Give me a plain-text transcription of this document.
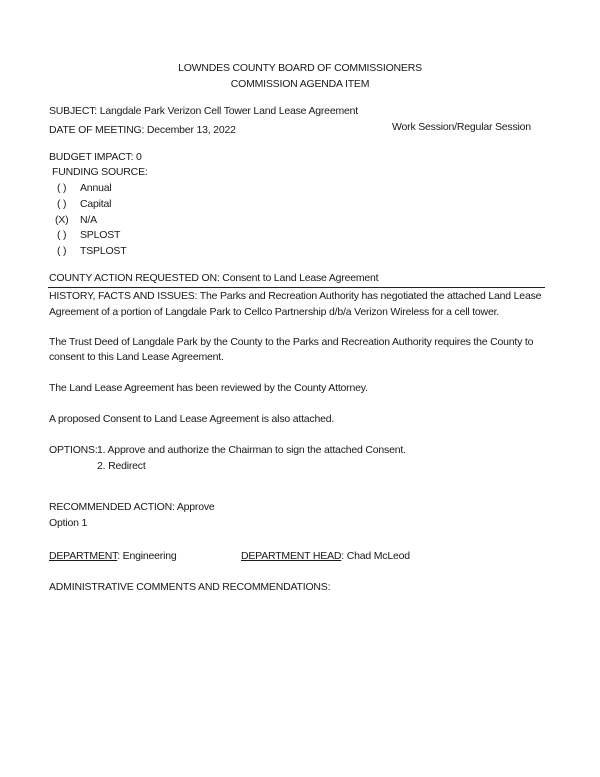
LOWNDES COUNTY BOARD OF COMMISSIONERS
COMMISSION AGENDA ITEM
SUBJECT: Langdale Park Verizon Cell Tower Land Lease Agreement
DATE OF MEETING: December 13, 2022	Work Session/Regular Session
BUDGET IMPACT: 0
FUNDING SOURCE:
( ) Annual
( ) Capital
(X) N/A
( ) SPLOST
( ) TSPLOST
COUNTY ACTION REQUESTED ON: Consent to Land Lease Agreement
HISTORY, FACTS AND ISSUES: The Parks and Recreation Authority has negotiated the attached Land Lease
Agreement of a portion of Langdale Park to Cellco Partnership d/b/a Verizon Wireless for a cell tower.
The Trust Deed of Langdale Park by the County to the Parks and Recreation Authority requires the County to
consent to this Land Lease Agreement.
The Land Lease Agreement has been reviewed by the County Attorney.
A proposed Consent to Land Lease Agreement is also attached.
OPTIONS: 1. Approve and authorize the Chairman to sign the attached Consent.
2. Redirect
RECOMMENDED ACTION: Approve
Option 1
DEPARTMENT: Engineering	DEPARTMENT HEAD: Chad McLeod
ADMINISTRATIVE COMMENTS AND RECOMMENDATIONS:
